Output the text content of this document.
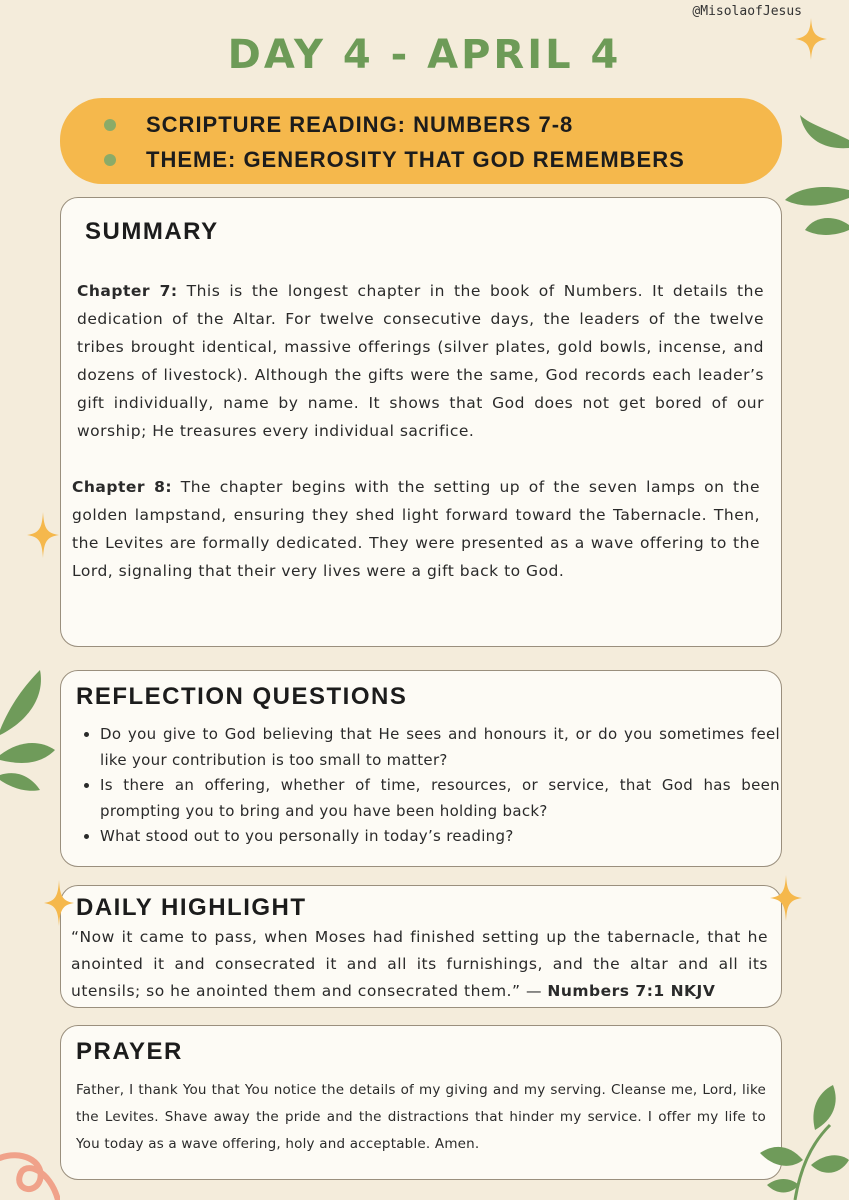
@MisolaofJesus
DAY 4 - APRIL 4
SCRIPTURE READING: NUMBERS 7-8
THEME: GENEROSITY THAT GOD REMEMBERS
SUMMARY
Chapter 7: This is the longest chapter in the book of Numbers. It details the dedication of the Altar. For twelve consecutive days, the leaders of the twelve tribes brought identical, massive offerings (silver plates, gold bowls, incense, and dozens of livestock). Although the gifts were the same, God records each leader’s gift individually, name by name. It shows that God does not get bored of our worship; He treasures every individual sacrifice.
Chapter 8: The chapter begins with the setting up of the seven lamps on the golden lampstand, ensuring they shed light forward toward the Tabernacle. Then, the Levites are formally dedicated. They were presented as a wave offering to the Lord, signaling that their very lives were a gift back to God.
REFLECTION QUESTIONS
• Do you give to God believing that He sees and honours it, or do you sometimes feel like your contribution is too small to matter?
• Is there an offering, whether of time, resources, or service, that God has been prompting you to bring and you have been holding back?
• What stood out to you personally in today’s reading?
DAILY HIGHLIGHT
“Now it came to pass, when Moses had finished setting up the tabernacle, that he anointed it and consecrated it and all its furnishings, and the altar and all its utensils; so he anointed them and consecrated them.” — Numbers 7:1 NKJV
PRAYER
Father, I thank You that You notice the details of my giving and my serving. Cleanse me, Lord, like the Levites. Shave away the pride and the distractions that hinder my service. I offer my life to You today as a wave offering, holy and acceptable. Amen.
